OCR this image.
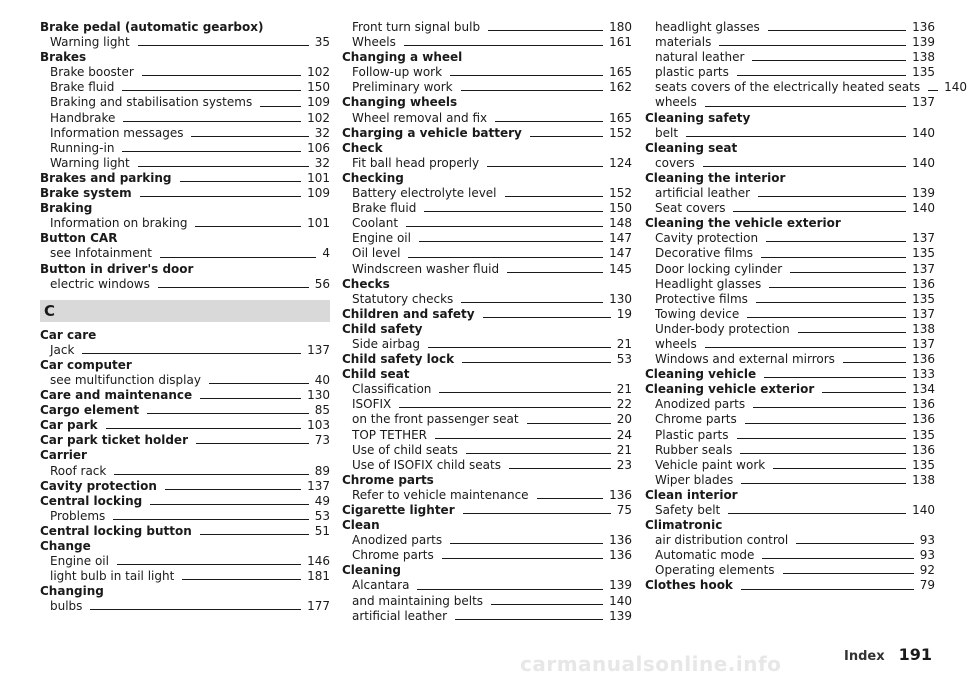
Brake pedal (automatic gearbox)
Warning light	35
Brakes
Brake booster	102
Brake fluid	150
Braking and stabilisation systems	109
Handbrake	102
Information messages	32
Running-in	106
Warning light	32
Brakes and parking	101
Brake system	109
Braking
Information on braking	101
Button CAR
see Infotainment	4
Button in driver's door
electric windows	56
C
Car care
Jack	137
Car computer
see multifunction display	40
Care and maintenance	130
Cargo element	85
Car park	103
Car park ticket holder	73
Carrier
Roof rack	89
Cavity protection	137
Central locking	49
Problems	53
Central locking button	51
Change
Engine oil	146
light bulb in tail light	181
Changing
bulbs	177
Front turn signal bulb	180
Wheels	161
Changing a wheel
Follow-up work	165
Preliminary work	162
Changing wheels
Wheel removal and fix	165
Charging a vehicle battery	152
Check
Fit ball head properly	124
Checking
Battery electrolyte level	152
Brake fluid	150
Coolant	148
Engine oil	147
Oil level	147
Windscreen washer fluid	145
Checks
Statutory checks	130
Children and safety	19
Child safety
Side airbag	21
Child safety lock	53
Child seat
Classification	21
ISOFIX	22
on the front passenger seat	20
TOP TETHER	24
Use of child seats	21
Use of ISOFIX child seats	23
Chrome parts
Refer to vehicle maintenance	136
Cigarette lighter	75
Clean
Anodized parts	136
Chrome parts	136
Cleaning
Alcantara	139
and maintaining belts	140
artificial leather	139
headlight glasses	136
materials	139
natural leather	138
plastic parts	135
seats covers of the electrically heated seats 140
wheels	137
Cleaning safety
belt	140
Cleaning seat
covers	140
Cleaning the interior
artificial leather	139
Seat covers	140
Cleaning the vehicle exterior
Cavity protection	137
Decorative films	135
Door locking cylinder	137
Headlight glasses	136
Protective films	135
Towing device	137
Under-body protection	138
wheels	137
Windows and external mirrors	136
Cleaning vehicle	133
Cleaning vehicle exterior	134
Anodized parts	136
Chrome parts	136
Plastic parts	135
Rubber seals	136
Vehicle paint work	135
Wiper blades	138
Clean interior
Safety belt	140
Climatronic
air distribution control	93
Automatic mode	93
Operating elements	92
Clothes hook	79
Index 191
carmanualsonline.info
